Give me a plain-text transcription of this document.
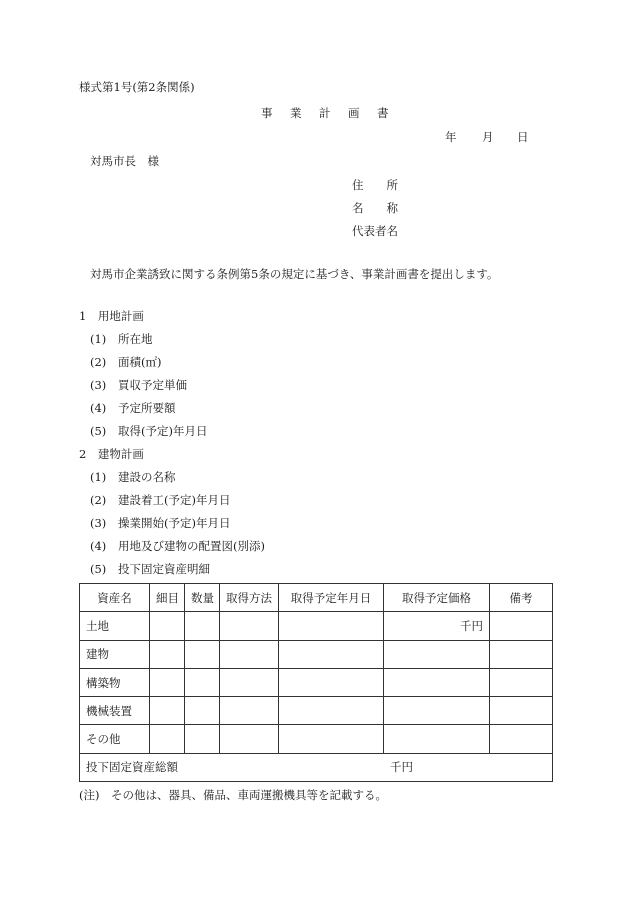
様式第1号(第2条関係)
事　業　計　画　書
年 月 日
対馬市長　様
住　　所
名　　称
代表者名
対馬市企業誘致に関する条例第5条の規定に基づき、事業計画書を提出します。
1　用地計画
(1) 所在地
(2) 面積(㎡)
(3) 買収予定単価
(4) 予定所要額
(5) 取得(予定)年月日
2　建物計画
(1) 建設の名称
(2) 建設着工(予定)年月日
(3) 操業開始(予定)年月日
(4) 用地及び建物の配置図(別添)
(5) 投下固定資産明細
資産名	細目	数量	取得方法	取得予定年月日	取得予定価格	備考
土地					千円	
建物						
構築物						
機械装置						
その他						
投下固定資産総額 千円						
(注)　その他は、器具、備品、車両運搬機具等を記載する。
